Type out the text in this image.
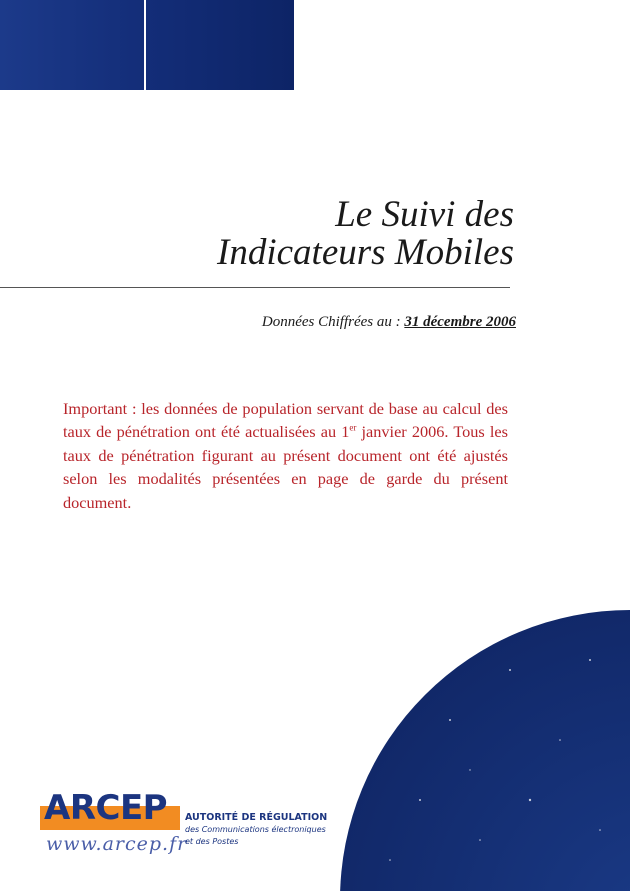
Le Suivi des
Indicateurs Mobiles
Données Chiffrées au : 31 décembre 2006
Important : les données de population servant de base au calcul des taux de pénétration ont été actualisées au 1er janvier 2006. Tous les taux de pénétration figurant au présent document ont été ajustés selon les modalités présentées en page de garde du présent document.
ARCEP
www.arcep.fr
AUTORITÉ DE RÉGULATION
des Communications électroniques
et des Postes
